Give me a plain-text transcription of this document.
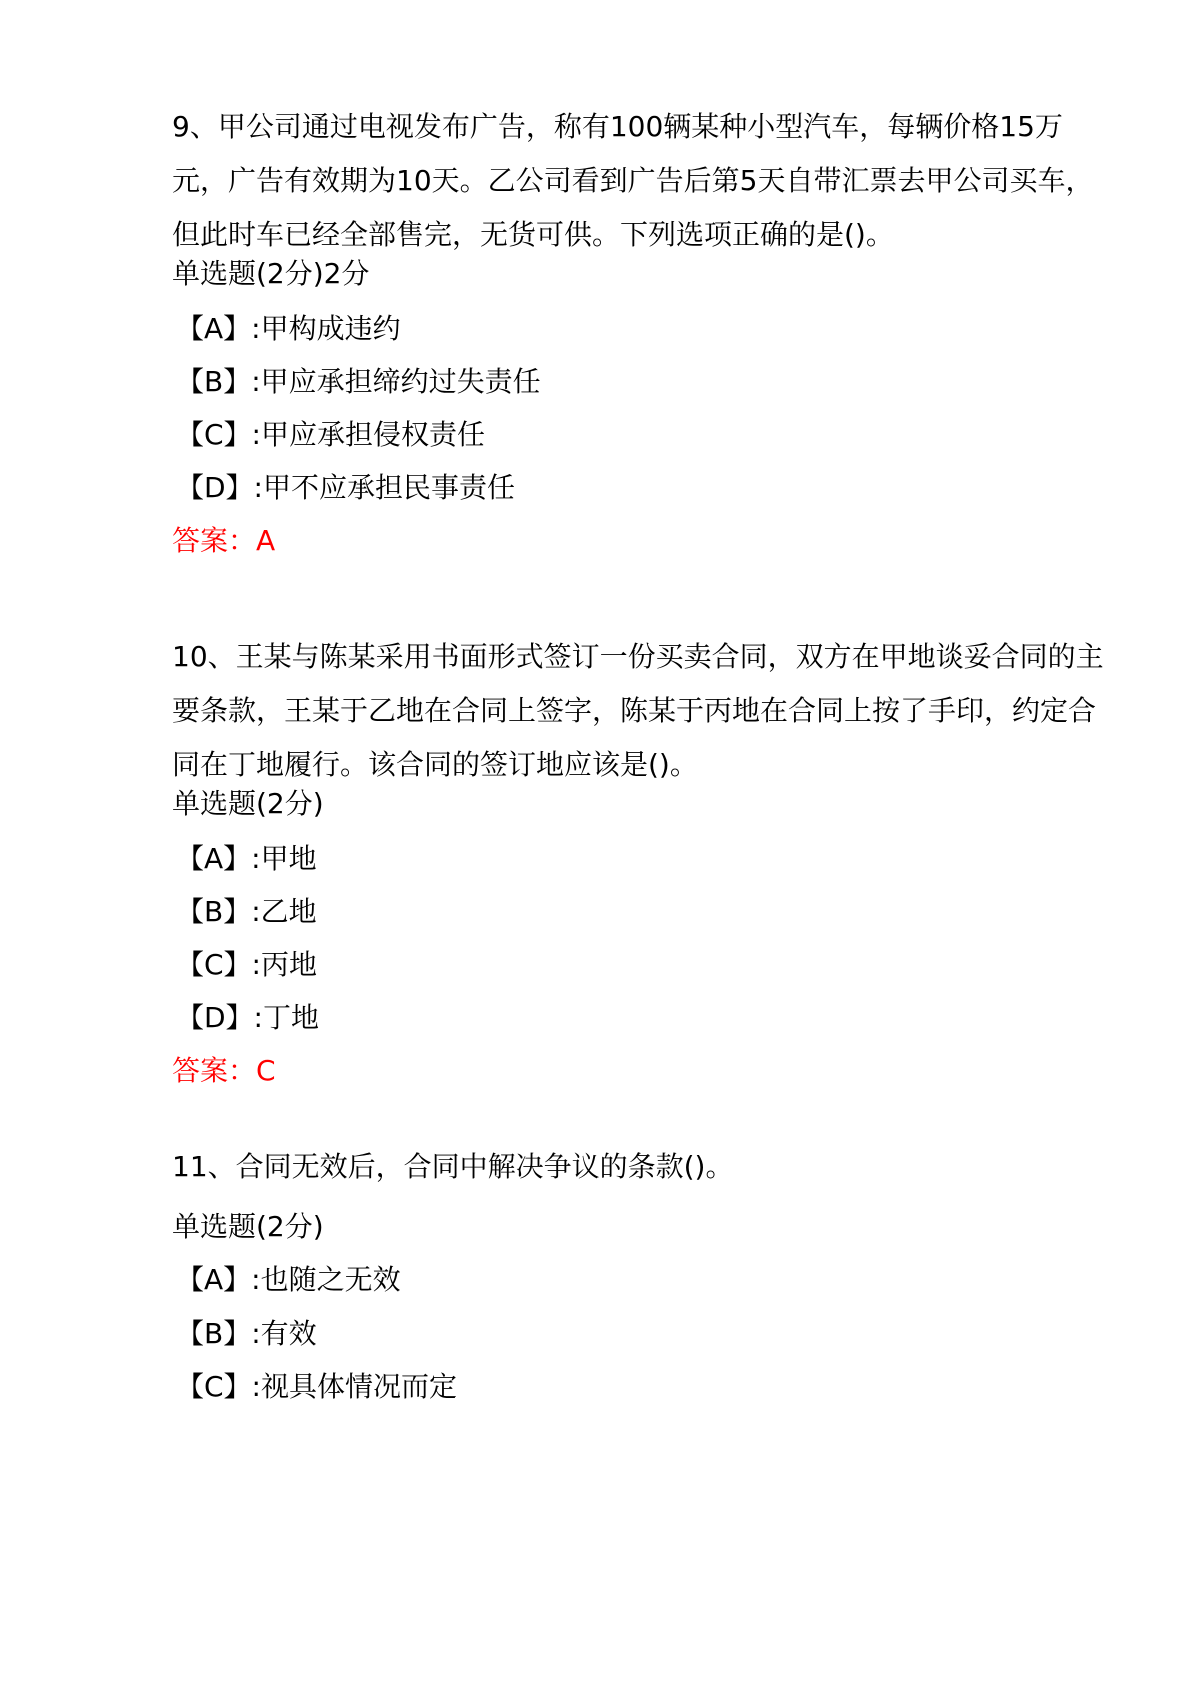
9、甲公司通过电视发布广告，称有100辆某种小型汽车，每辆价格15万
元，广告有效期为10天。乙公司看到广告后第5天自带汇票去甲公司买车，
但此时车已经全部售完，无货可供。下列选项正确的是()。
单选题(2分)2分
【A】:甲构成违约
【B】:甲应承担缔约过失责任
【C】:甲应承担侵权责任
【D】:甲不应承担民事责任
答案：A
10、王某与陈某采用书面形式签订一份买卖合同，双方在甲地谈妥合同的主
要条款，王某于乙地在合同上签字，陈某于丙地在合同上按了手印，约定合
同在丁地履行。该合同的签订地应该是()。
单选题(2分)
【A】:甲地
【B】:乙地
【C】:丙地
【D】:丁地
答案：C
11、合同无效后，合同中解决争议的条款()。
单选题(2分)
【A】:也随之无效
【B】:有效
【C】:视具体情况而定
